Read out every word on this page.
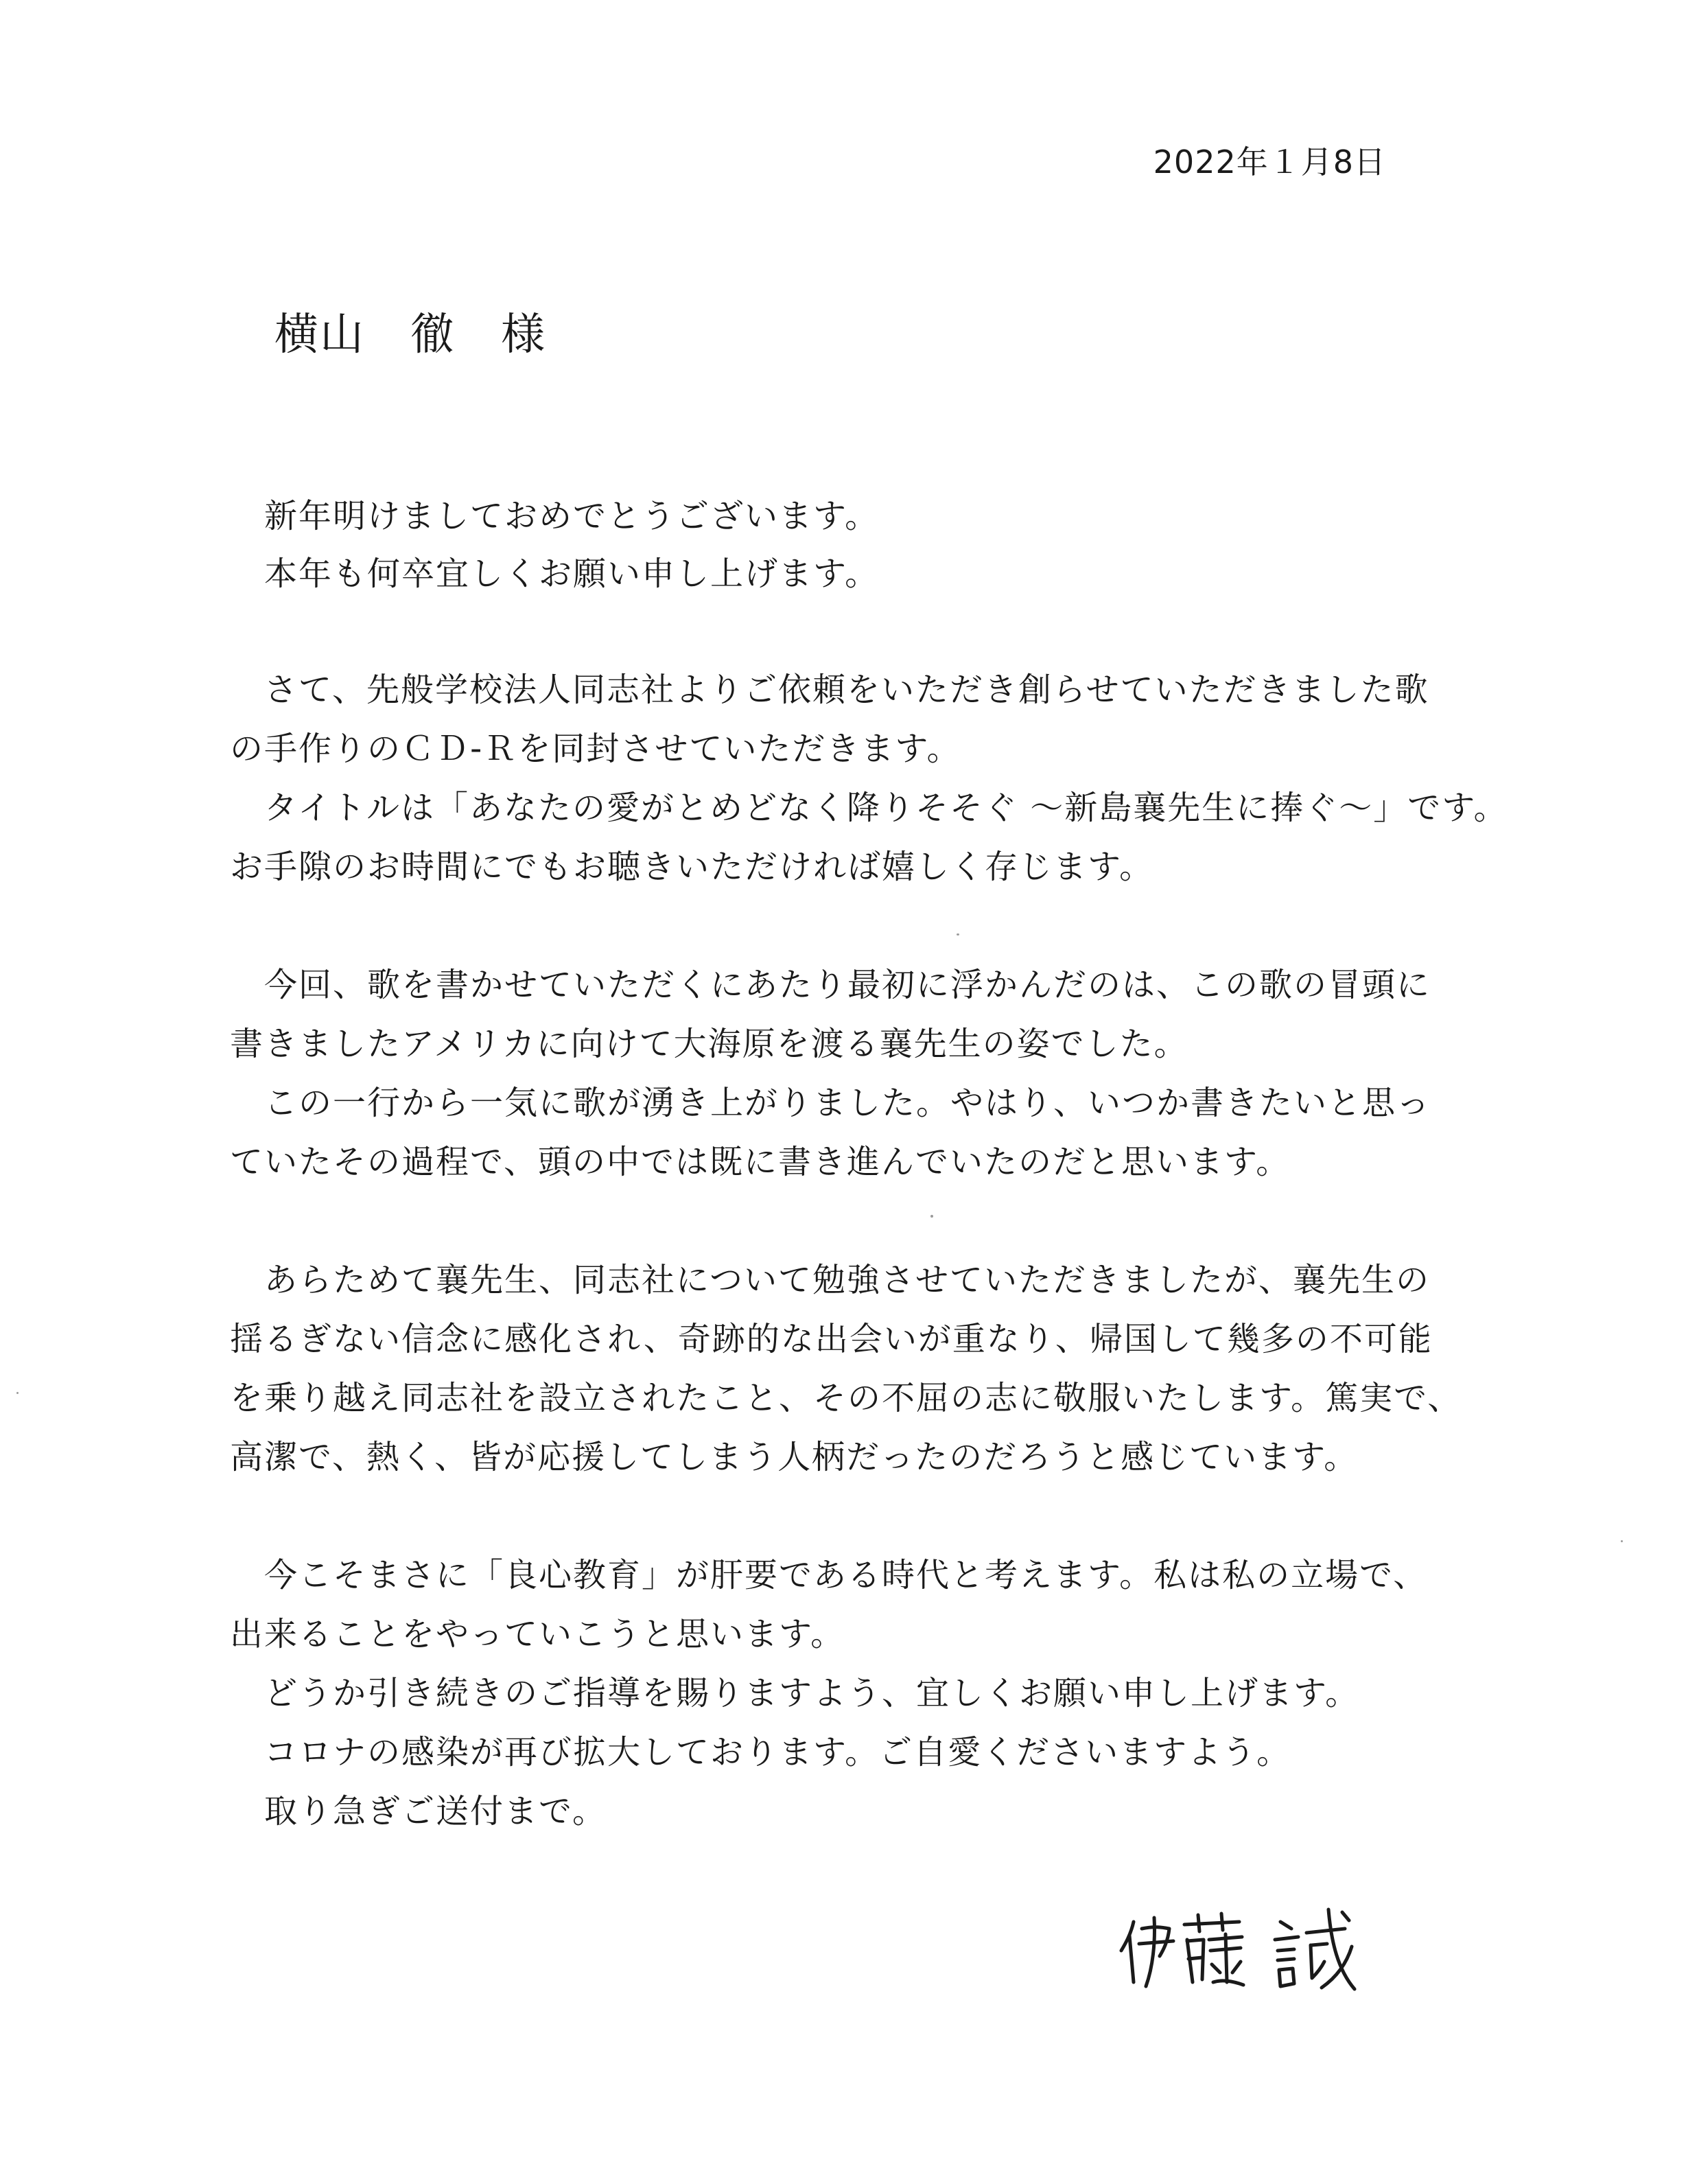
2022年１月8日
横山　徹　様
新年明けましておめでとうございます。
本年も何卒宜しくお願い申し上げます。
さて、先般学校法人同志社よりご依頼をいただき創らせていただきました歌
の手作りのＣＤ-Ｒを同封させていただきます。
タイトルは「あなたの愛がとめどなく降りそそぐ ～新島襄先生に捧ぐ～」です。
お手隙のお時間にでもお聴きいただければ嬉しく存じます。
今回、歌を書かせていただくにあたり最初に浮かんだのは、この歌の冒頭に
書きましたアメリカに向けて大海原を渡る襄先生の姿でした。
この一行から一気に歌が湧き上がりました。やはり、いつか書きたいと思っ
ていたその過程で、頭の中では既に書き進んでいたのだと思います。
あらためて襄先生、同志社について勉強させていただきましたが、襄先生の
揺るぎない信念に感化され、奇跡的な出会いが重なり、帰国して幾多の不可能
を乗り越え同志社を設立されたこと、その不屈の志に敬服いたします。篤実で、
高潔で、熱く、皆が応援してしまう人柄だったのだろうと感じています。
今こそまさに「良心教育」が肝要である時代と考えます。私は私の立場で、
出来ることをやっていこうと思います。
どうか引き続きのご指導を賜りますよう、宜しくお願い申し上げます。
コロナの感染が再び拡大しております。ご自愛くださいますよう。
取り急ぎご送付まで。
